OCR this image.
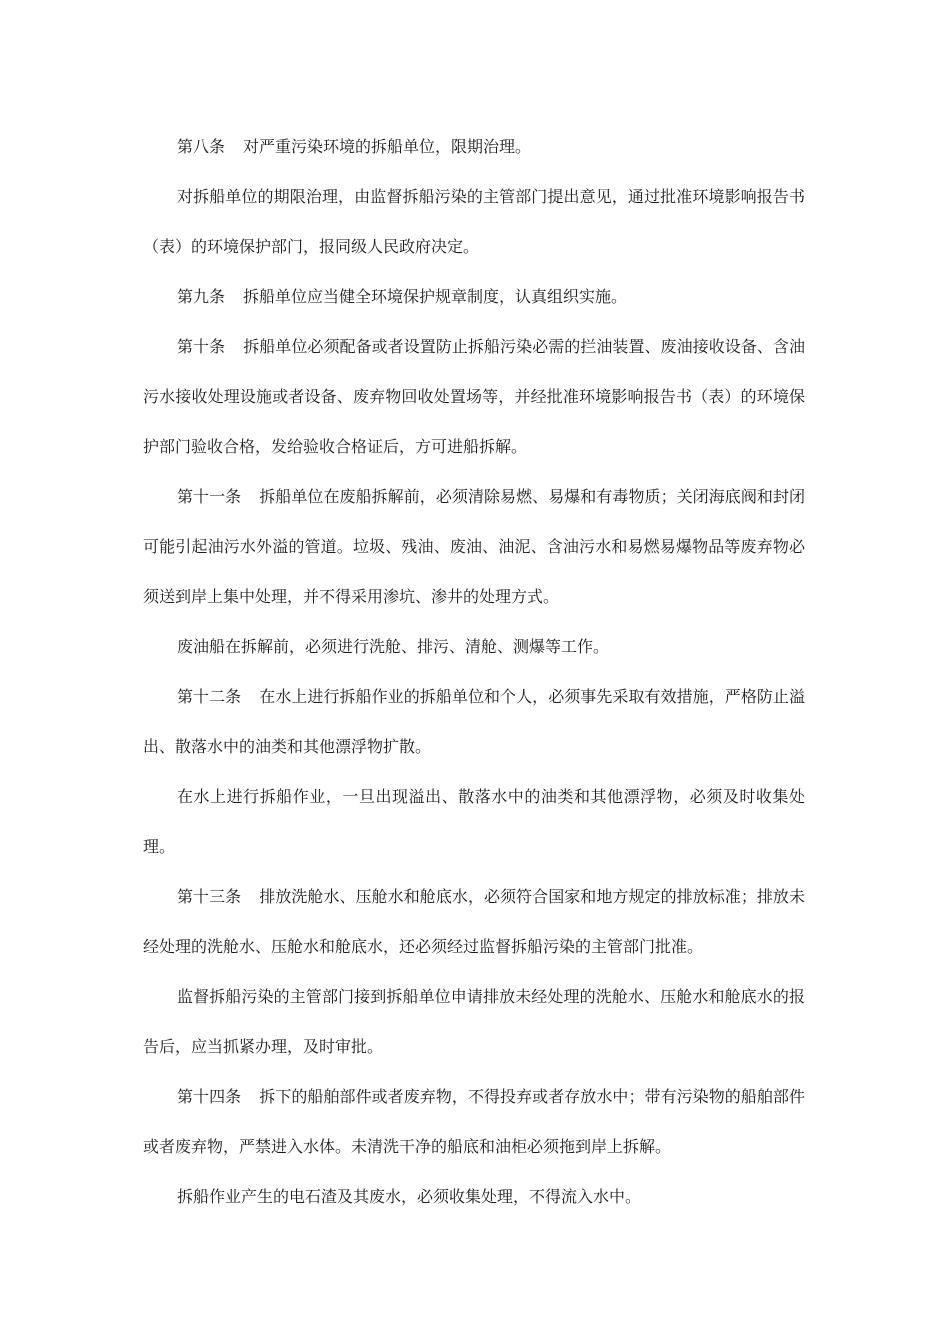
第八条 对严重污染环境的拆船单位，限期治理。

对拆船单位的期限治理，由监督拆船污染的主管部门提出意见，通过批准环境影响报告书（表）的环境保护部门，报同级人民政府决定。

第九条 拆船单位应当健全环境保护规章制度，认真组织实施。

第十条 拆船单位必须配备或者设置防止拆船污染必需的拦油装置、废油接收设备、含油污水接收处理设施或者设备、废弃物回收处置场等，并经批准环境影响报告书（表）的环境保护部门验收合格，发给验收合格证后，方可进船拆解。

第十一条 拆船单位在废船拆解前，必须清除易燃、易爆和有毒物质；关闭海底阀和封闭可能引起油污水外溢的管道。垃圾、残油、废油、油泥、含油污水和易燃易爆物品等废弃物必须送到岸上集中处理，并不得采用渗坑、渗井的处理方式。

废油船在拆解前，必须进行洗舱、排污、清舱、测爆等工作。

第十二条 在水上进行拆船作业的拆船单位和个人，必须事先采取有效措施，严格防止溢出、散落水中的油类和其他漂浮物扩散。

在水上进行拆船作业，一旦出现溢出、散落水中的油类和其他漂浮物，必须及时收集处理。

第十三条 排放洗舱水、压舱水和舱底水，必须符合国家和地方规定的排放标准；排放未经处理的洗舱水、压舱水和舱底水，还必须经过监督拆船污染的主管部门批准。

监督拆船污染的主管部门接到拆船单位申请排放未经处理的洗舱水、压舱水和舱底水的报告后，应当抓紧办理，及时审批。

第十四条 拆下的船舶部件或者废弃物，不得投弃或者存放水中；带有污染物的船舶部件或者废弃物，严禁进入水体。未清洗干净的船底和油柜必须拖到岸上拆解。

拆船作业产生的电石渣及其废水，必须收集处理，不得流入水中。
